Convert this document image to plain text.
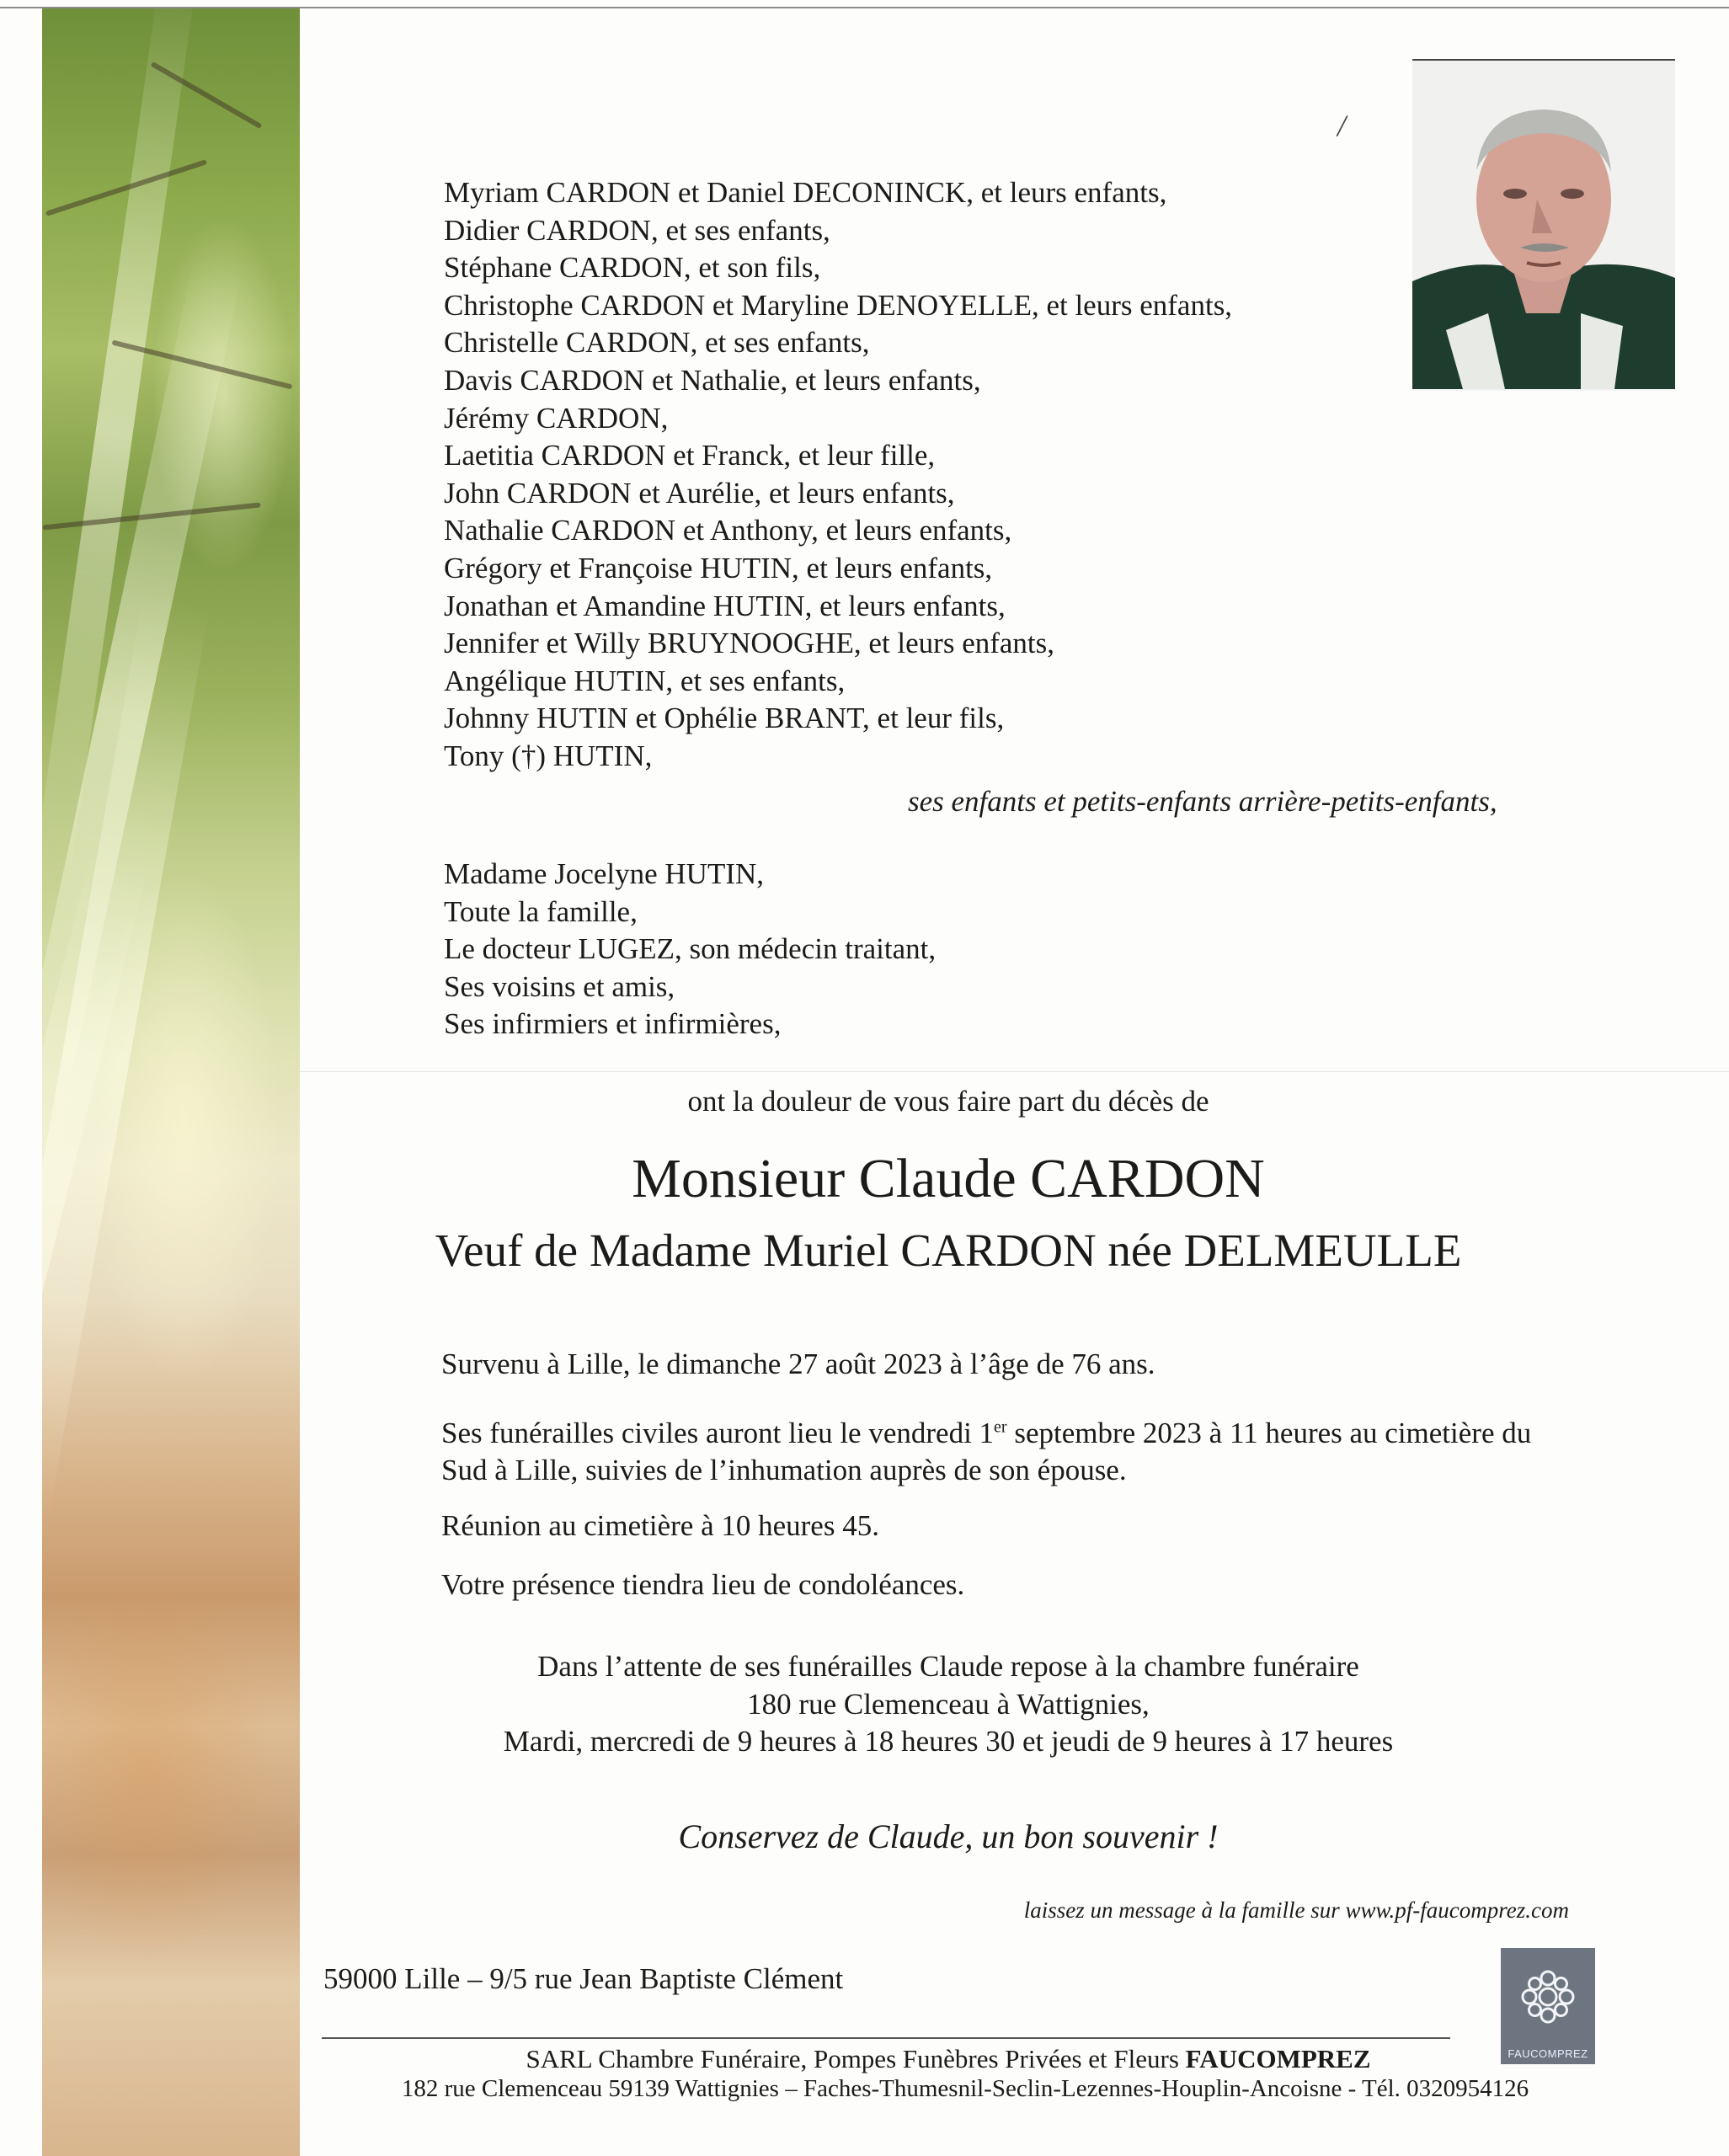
/
Myriam CARDON et Daniel DECONINCK, et leurs enfants,
Didier CARDON, et ses enfants,
Stéphane CARDON, et son fils,
Christophe CARDON et Maryline DENOYELLE, et leurs enfants,
Christelle CARDON, et ses enfants,
Davis CARDON et Nathalie, et leurs enfants,
Jérémy CARDON,
Laetitia CARDON et Franck, et leur fille,
John CARDON et Aurélie, et leurs enfants,
Nathalie CARDON et Anthony, et leurs enfants,
Grégory et Françoise HUTIN, et leurs enfants,
Jonathan et Amandine HUTIN, et leurs enfants,
Jennifer et Willy BRUYNOOGHE, et leurs enfants,
Angélique HUTIN, et ses enfants,
Johnny HUTIN et Ophélie BRANT, et leur fils,
Tony (†) HUTIN,
ses enfants et petits-enfants arrière-petits-enfants,
Madame Jocelyne HUTIN,
Toute la famille,
Le docteur LUGEZ, son médecin traitant,
Ses voisins et amis,
Ses infirmiers et infirmières,
ont la douleur de vous faire part du décès de
Monsieur Claude CARDON
Veuf de Madame Muriel CARDON née DELMEULLE
Survenu à Lille, le dimanche 27 août 2023 à l’âge de 76 ans.
Ses funérailles civiles auront lieu le vendredi 1er septembre 2023 à 11 heures au cimetière du Sud à Lille, suivies de l’inhumation auprès de son épouse.
Réunion au cimetière à 10 heures 45.
Votre présence tiendra lieu de condoléances.
Dans l’attente de ses funérailles Claude repose à la chambre funéraire
180 rue Clemenceau à Wattignies,
Mardi, mercredi de 9 heures à 18 heures 30 et jeudi de 9 heures à 17 heures
Conservez de Claude, un bon souvenir !
laissez un message à la famille sur www.pf-faucomprez.com
59000 Lille – 9/5 rue Jean Baptiste Clément
FAUCOMPREZ
SARL Chambre Funéraire, Pompes Funèbres Privées et Fleurs FAUCOMPREZ
182 rue Clemenceau 59139 Wattignies – Faches-Thumesnil-Seclin-Lezennes-Houplin-Ancoisne - Tél. 0320954126
